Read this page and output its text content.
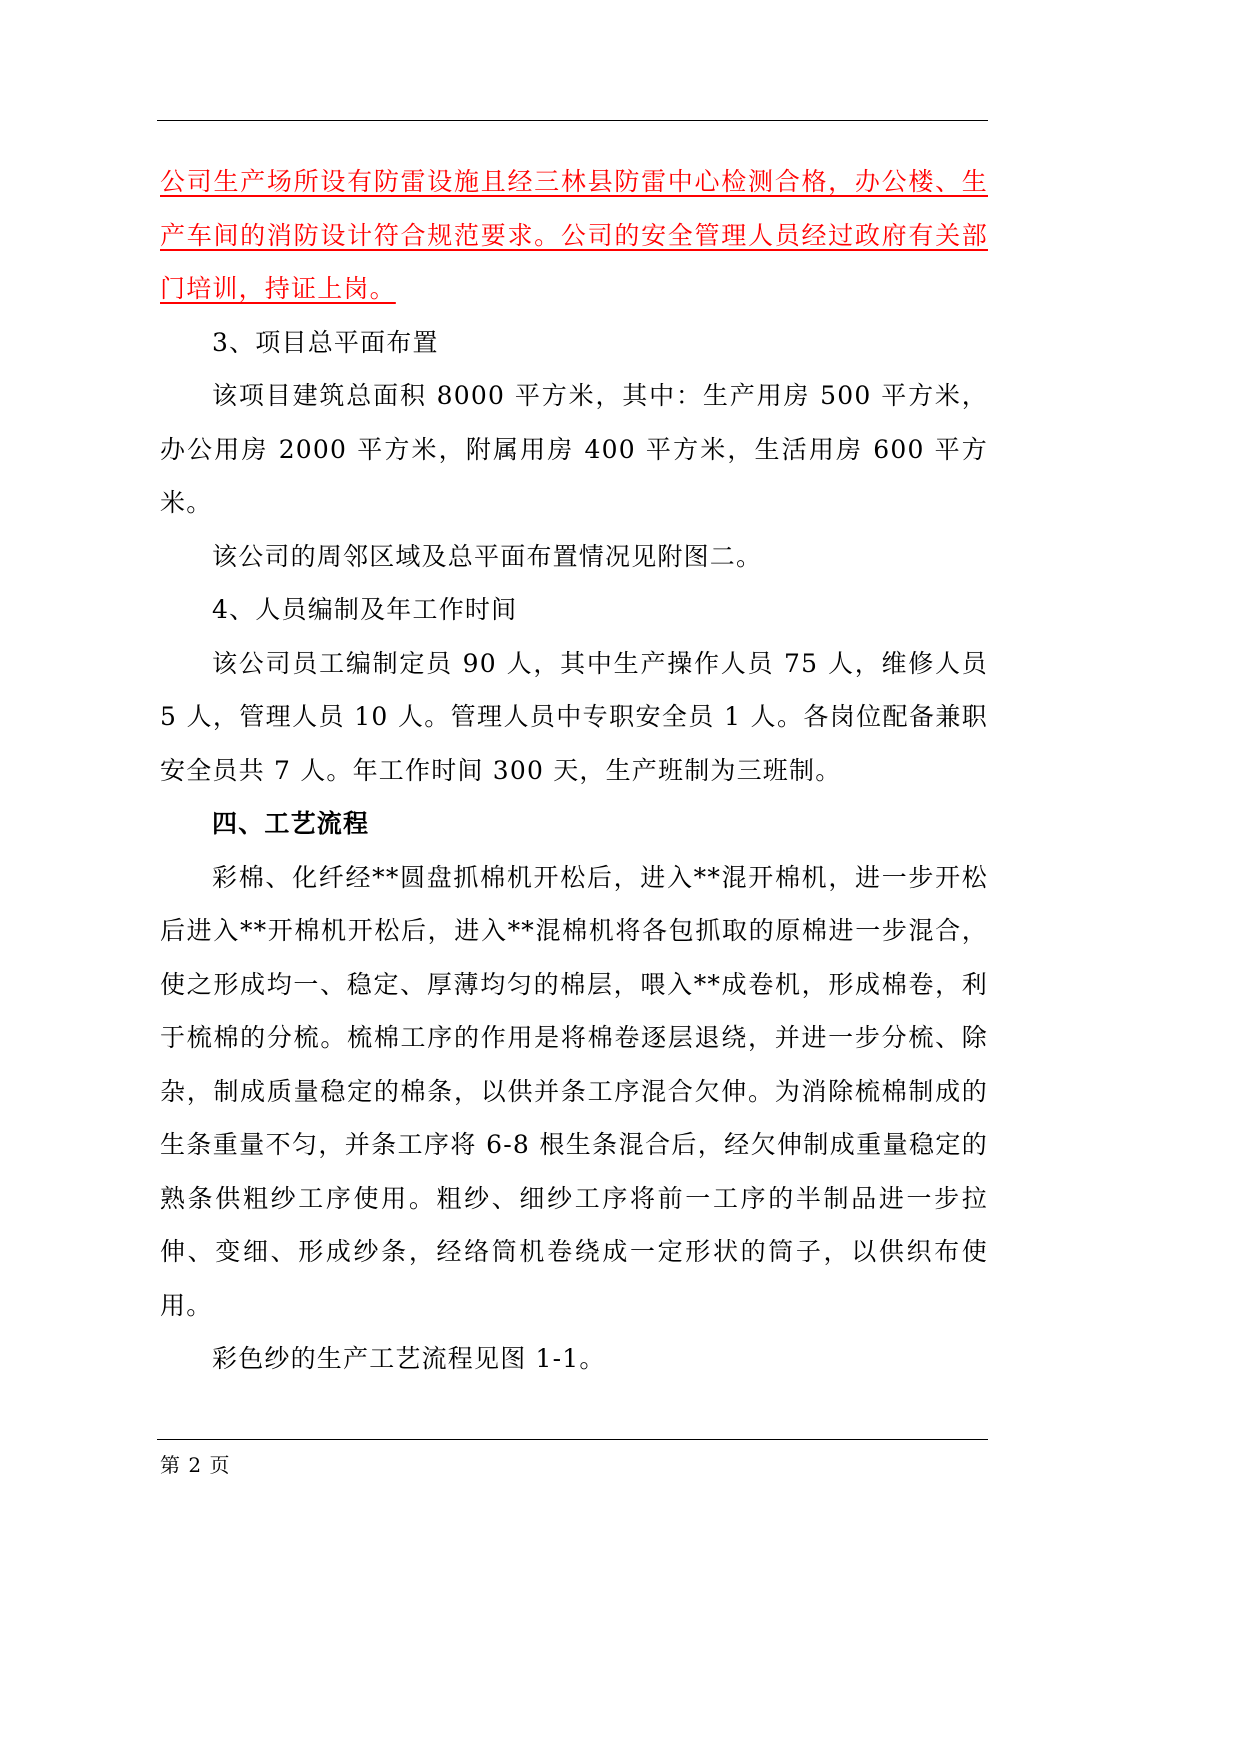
公司生产场所设有防雷设施且经三林县防雷中心检测合格，办公楼、生产车间的消防设计符合规范要求。公司的安全管理人员经过政府有关部门培训，持证上岗。

3、项目总平面布置

该项目建筑总面积 8000 平方米，其中：生产用房 500 平方米，办公用房 2000 平方米，附属用房 400 平方米，生活用房 600 平方米。

该公司的周邻区域及总平面布置情况见附图二。

4、人员编制及年工作时间

该公司员工编制定员 90 人，其中生产操作人员 75 人，维修人员 5 人，管理人员 10 人。管理人员中专职安全员 1 人。各岗位配备兼职安全员共 7 人。年工作时间 300 天，生产班制为三班制。

四、工艺流程

彩棉、化纤经**圆盘抓棉机开松后，进入**混开棉机，进一步开松后进入**开棉机开松后，进入**混棉机将各包抓取的原棉进一步混合，使之形成均一、稳定、厚薄均匀的棉层，喂入**成卷机，形成棉卷，利于梳棉的分梳。梳棉工序的作用是将棉卷逐层退绕，并进一步分梳、除杂，制成质量稳定的棉条，以供并条工序混合欠伸。为消除梳棉制成的生条重量不匀，并条工序将 6-8 根生条混合后，经欠伸制成重量稳定的熟条供粗纱工序使用。粗纱、细纱工序将前一工序的半制品进一步拉伸、变细、形成纱条，经络筒机卷绕成一定形状的筒子，以供织布使用。

彩色纱的生产工艺流程见图 1-1。

第 2 页
